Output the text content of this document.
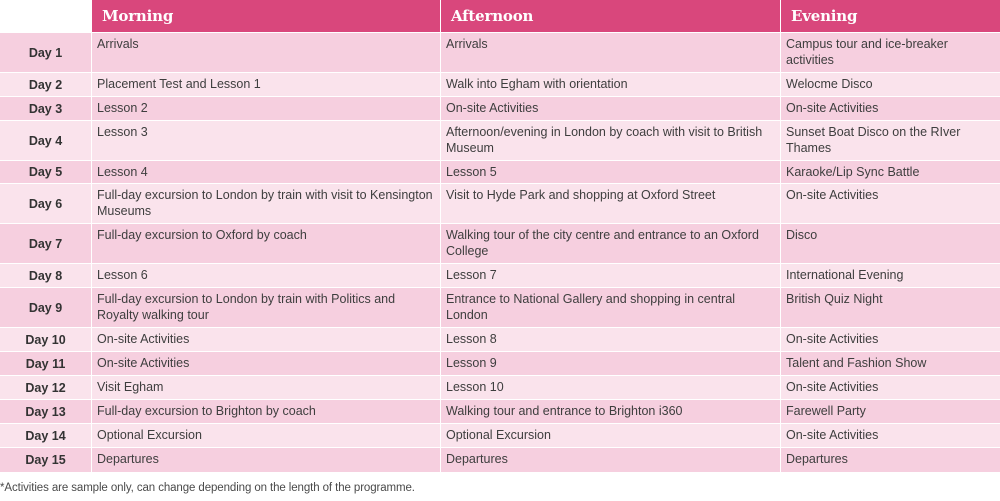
	Morning	Afternoon	Evening
Day 1	Arrivals	Arrivals	Campus tour and ice-breaker activities
Day 2	Placement Test and Lesson 1	Walk into Egham with orientation	Welocme Disco
Day 3	Lesson 2	On-site Activities	On-site Activities
Day 4	Lesson 3	Afternoon/evening in London by coach with visit to British Museum	Sunset Boat Disco on the RIver Thames
Day 5	Lesson 4	Lesson 5	Karaoke/Lip Sync Battle
Day 6	Full-day excursion to London by train with visit to Kensington Museums	Visit to Hyde Park and shopping at Oxford Street	On-site Activities
Day 7	Full-day excursion to Oxford by coach	Walking tour of the city centre and entrance to an Oxford College	Disco
Day 8	Lesson 6	Lesson 7	International Evening
Day 9	Full-day excursion to London by train with Politics and Royalty walking tour	Entrance to National Gallery and shopping in central London	British Quiz Night
Day 10	On-site Activities	Lesson 8	On-site Activities
Day 11	On-site Activities	Lesson 9	Talent and Fashion Show
Day 12	Visit Egham	Lesson 10	On-site Activities
Day 13	Full-day excursion to Brighton by coach	Walking tour and entrance to Brighton i360	Farewell Party
Day 14	Optional Excursion	Optional Excursion	On-site Activities
Day 15	Departures	Departures	Departures
*Activities are sample only, can change depending on the length of the programme.
